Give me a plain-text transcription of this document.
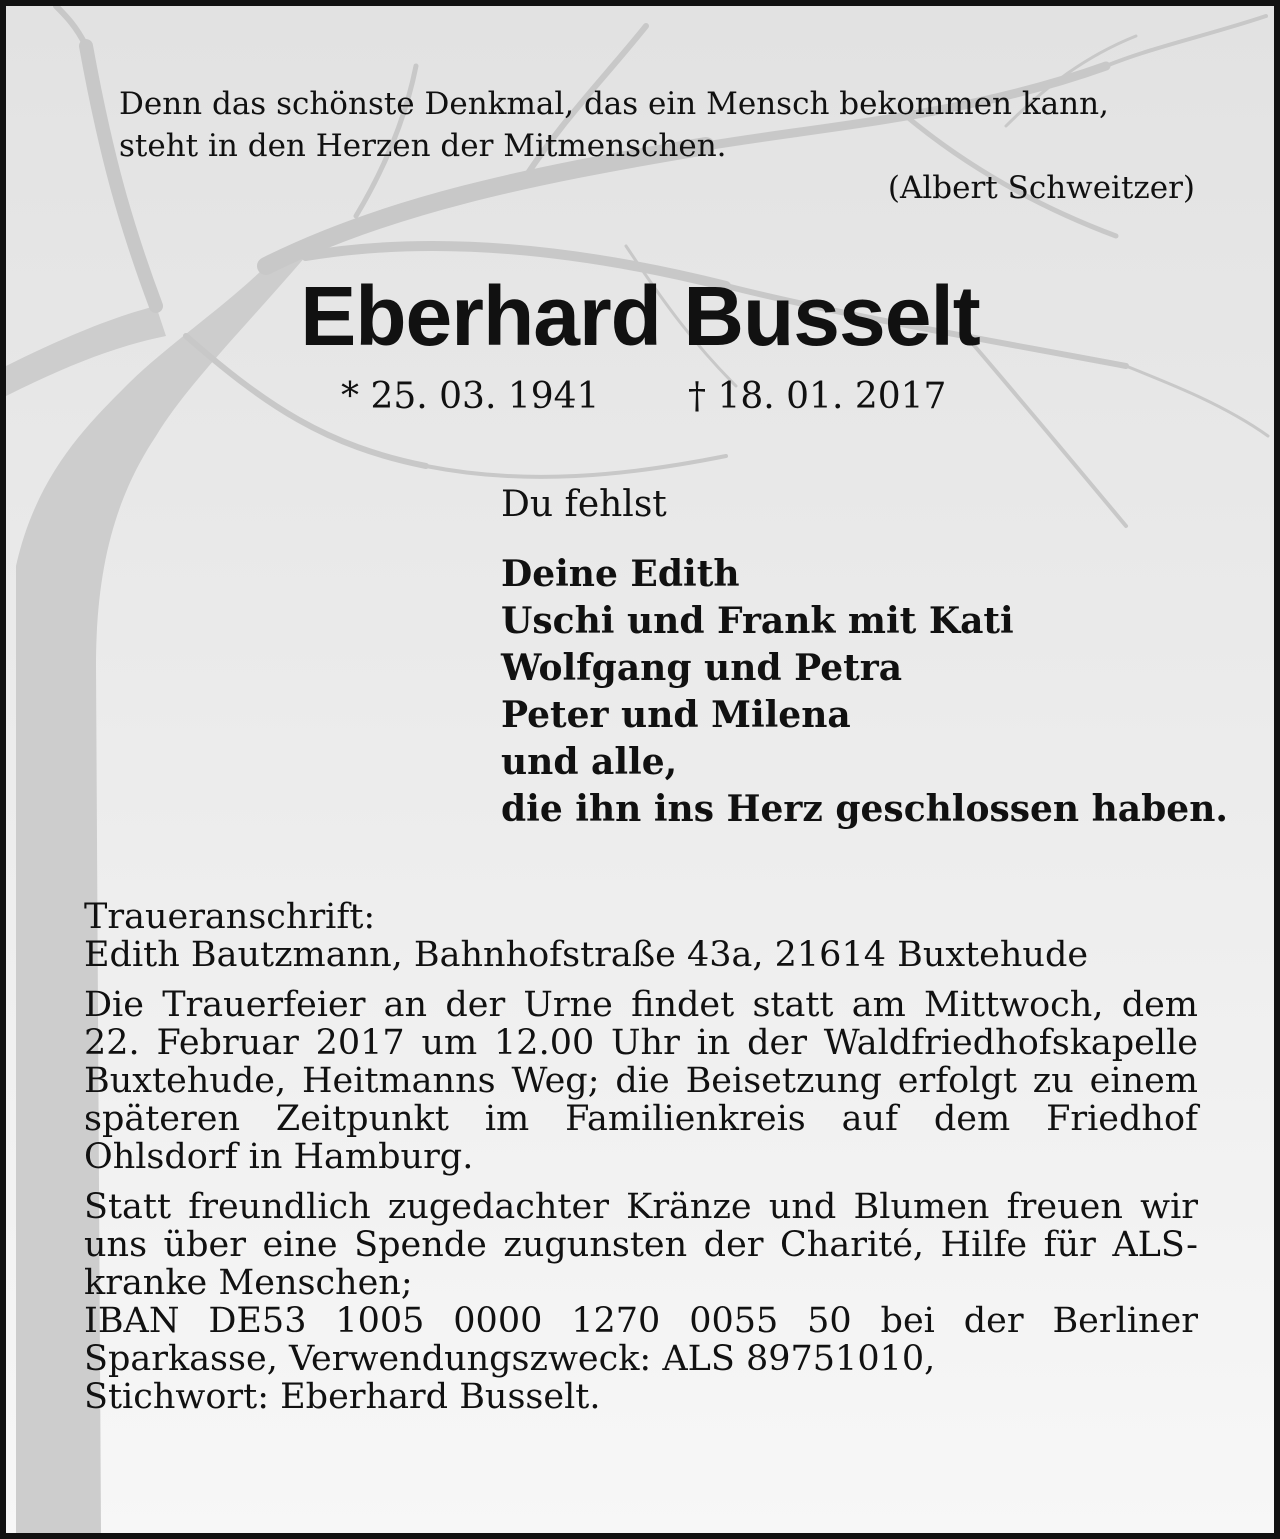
Denn das schönste Denkmal, das ein Mensch bekommen kann,

steht in den Herzen der Mitmenschen.

(Albert Schweitzer)

Eberhard Busselt
* 25. 03. 1941 † 18. 01. 2017
Du fehlst
Deine Edith
Uschi und Frank mit Kati
Wolfgang und Petra
Peter und Milena
und alle,
die ihn ins Herz geschlossen haben.

Traueranschrift:
Edith Bautzmann, Bahnhofstraße 43a, 21614 Buxtehude

Die Trauerfeier an der Urne findet statt am Mittwoch, dem 22. Februar 2017 um 12.00 Uhr in der Waldfriedhofskapelle Buxtehude, Heitmanns Weg; die Beisetzung erfolgt zu einem späteren Zeitpunkt im Familienkreis auf dem Friedhof Ohlsdorf in Hamburg.

Statt freundlich zugedachter Kränze und Blumen freuen wir uns über eine Spende zugunsten der Charité, Hilfe für ALS-kranke Menschen;
IBAN DE53 1005 0000 1270 0055 50 bei der Berliner Sparkasse, Verwendungszweck: ALS 89751010,
Stichwort: Eberhard Busselt.
